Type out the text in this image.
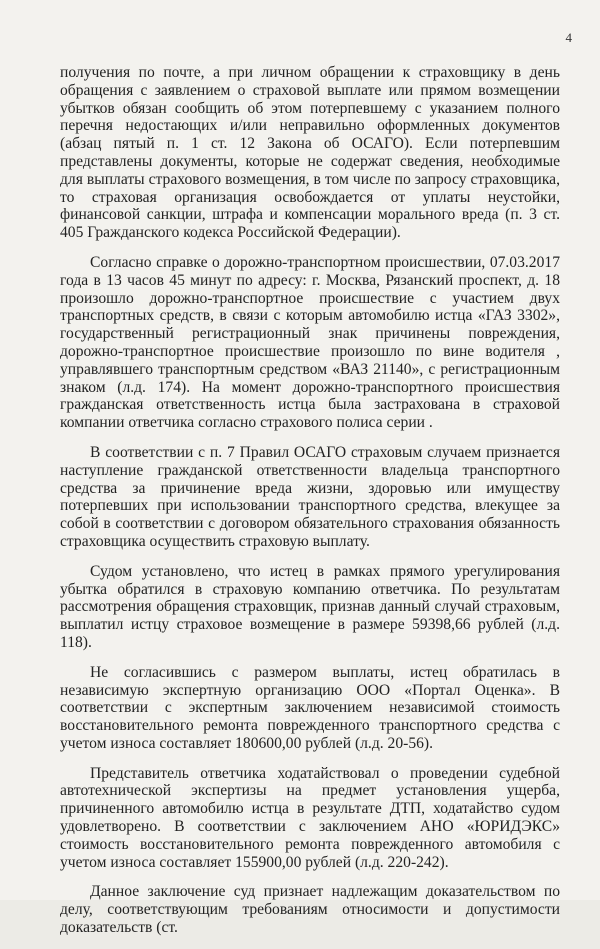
4

получения по почте, а при личном обращении к страховщику в день обращения с заявлением о страховой выплате или прямом возмещении убытков обязан сообщить об этом потерпевшему с указанием полного перечня недостающих и/или неправильно оформленных документов (абзац пятый п. 1 ст. 12 Закона об ОСАГО). Если потерпевшим представлены документы, которые не содержат сведения, необходимые для выплаты страхового возмещения, в том числе по запросу страховщика, то страховая организация освобождается от уплаты неустойки, финансовой санкции, штрафа и компенсации морального вреда (п. 3 ст. 405 Гражданского кодекса Российской Федерации).

Согласно справке о дорожно-транспортном происшествии, 07.03.2017 года в 13 часов 45 минут по адресу: г. Москва, Рязанский проспект, д. 18 произошло дорожно-транспортное происшествие с участием двух транспортных средств, в связи с которым автомобилю истца «ГАЗ 3302», государственный регистрационный знак причинены повреждения, дорожно-транспортное происшествие произошло по вине водителя , управлявшего транспортным средством «ВАЗ 21140», с регистрационным знаком (л.д. 174). На момент дорожно-транспортного происшествия гражданская ответственность истца была застрахована в страховой компании ответчика согласно страхового полиса серии .

В соответствии с п. 7 Правил ОСАГО страховым случаем признается наступление гражданской ответственности владельца транспортного средства за причинение вреда жизни, здоровью или имуществу потерпевших при использовании транспортного средства, влекущее за собой в соответствии с договором обязательного страхования обязанность страховщика осуществить страховую выплату.

Судом установлено, что истец в рамках прямого урегулирования убытка обратился в страховую компанию ответчика. По результатам рассмотрения обращения страховщик, признав данный случай страховым, выплатил истцу страховое возмещение в размере 59398,66 рублей (л.д. 118).

Не согласившись с размером выплаты, истец обратилась в независимую экспертную организацию ООО «Портал Оценка». В соответствии с экспертным заключением независимой стоимость восстановительного ремонта поврежденного транспортного средства с учетом износа составляет 180600,00 рублей (л.д. 20-56).

Представитель ответчика ходатайствовал о проведении судебной автотехнической экспертизы на предмет установления ущерба, причиненного автомобилю истца в результате ДТП, ходатайство судом удовлетворено. В соответствии с заключением АНО «ЮРИДЭКС» стоимость восстановительного ремонта поврежденного автомобиля с учетом износа составляет 155900,00 рублей (л.д. 220-242).

Данное заключение суд признает надлежащим доказательством по делу, соответствующим требованиям относимости и допустимости доказательств (ст.
